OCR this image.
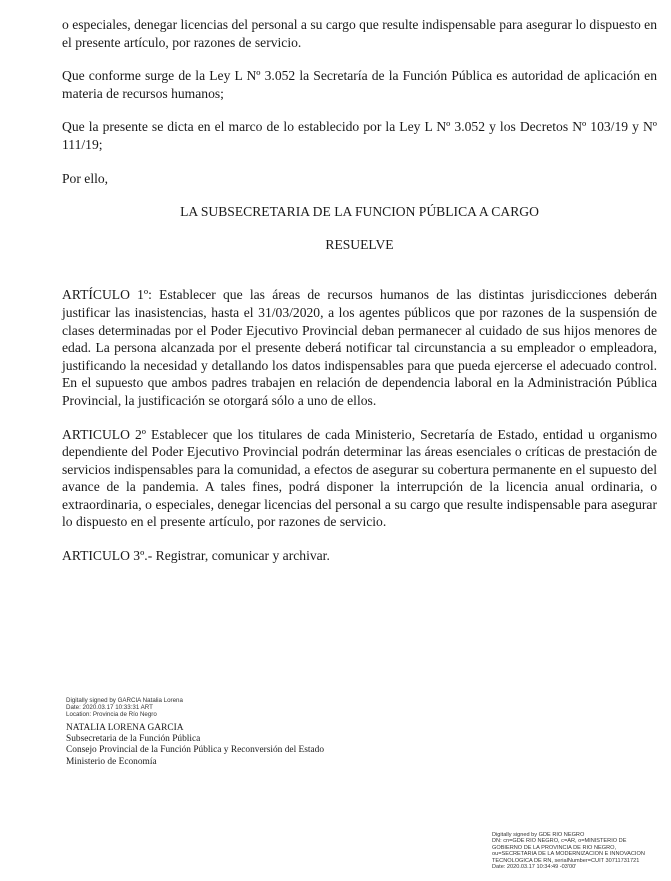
o especiales, denegar licencias del personal a su cargo que resulte indispensable para asegurar lo dispuesto en el presente artículo, por razones de servicio.

Que conforme surge de la Ley L Nº 3.052 la Secretaría de la Función Pública es autoridad de aplicación en materia de recursos humanos;

Que la presente se dicta en el marco de lo establecido por la Ley L Nº 3.052 y los Decretos Nº 103/19 y Nº 111/19;

Por ello,

LA SUBSECRETARIA DE LA FUNCION PÚBLICA A CARGO

RESUELVE

ARTÍCULO 1º: Establecer que las áreas de recursos humanos de las distintas jurisdicciones deberán justificar las inasistencias, hasta el 31/03/2020, a los agentes públicos que por razones de la suspensión de clases determinadas por el Poder Ejecutivo Provincial deban permanecer al cuidado de sus hijos menores de edad. La persona alcanzada por el presente deberá notificar tal circunstancia a su empleador o empleadora, justificando la necesidad y detallando los datos indispensables para que pueda ejercerse el adecuado control. En el supuesto que ambos padres trabajen en relación de dependencia laboral en la Administración Pública Provincial, la justificación se otorgará sólo a uno de ellos.

ARTICULO 2º Establecer que los titulares de cada Ministerio, Secretaría de Estado, entidad u organismo dependiente del Poder Ejecutivo Provincial podrán determinar las áreas esenciales o críticas de prestación de servicios indispensables para la comunidad, a efectos de asegurar su cobertura permanente en el supuesto del avance de la pandemia. A tales fines, podrá disponer la interrupción de la licencia anual ordinaria, o extraordinaria, o especiales, denegar licencias del personal a su cargo que resulte indispensable para asegurar lo dispuesto en el presente artículo, por razones de servicio.

ARTICULO 3º.- Registrar, comunicar y archivar.

Digitally signed by GARCIA Natalia Lorena
Date: 2020.03.17 10:33:31 ART
Location: Provincia de Río Negro
NATALIA LORENA GARCIA
Subsecretaria de la Función Pública
Consejo Provincial de la Función Pública y Reconversión del Estado
Ministerio de Economía
Digitally signed by GDE RIO NEGRO
DN: cn=GDE RIO NEGRO, c=AR, o=MINISTERIO DE
GOBIERNO DE LA PROVINCIA DE RIO NEGRO,
ou=SECRETARIA DE LA MODERNIZACION E INNOVACION
TECNOLOGICA DE RN, serialNumber=CUIT 30711731721
Date: 2020.03.17 10:34:49 -03'00'
